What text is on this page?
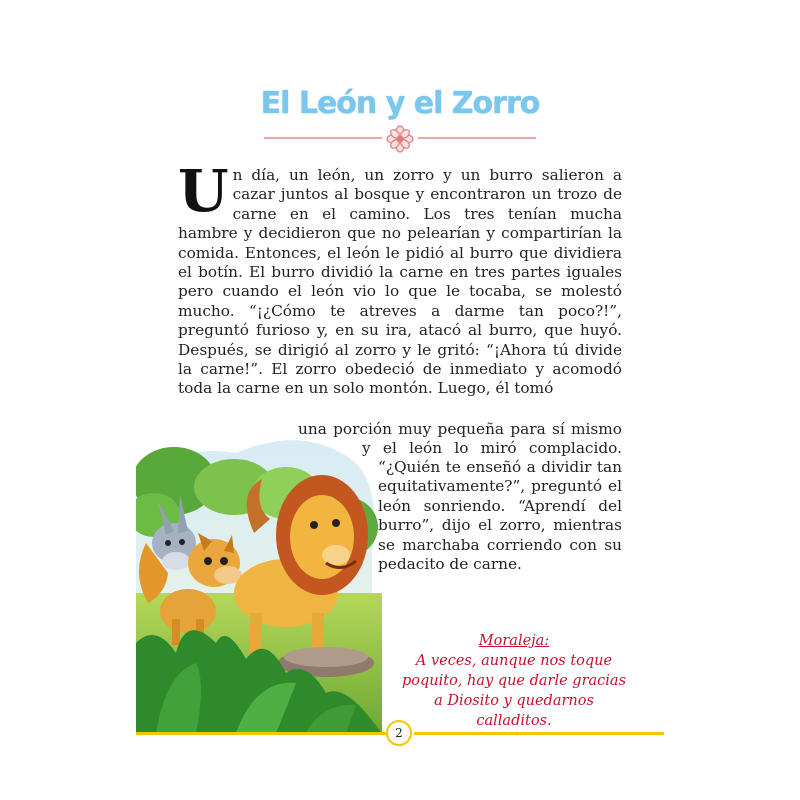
El León y el Zorro
Un día, un león, un zorro y un burro salieron a cazar juntos al bosque y encontraron un trozo de carne en el camino. Los tres tenían mucha hambre y decidieron que no pelearían y compartirían la comida. Entonces, el león le pidió al burro que dividiera el botín. El burro dividió la carne en tres partes iguales pero cuando el león vio lo que le tocaba, se molestó mucho. “¡¿Cómo te atreves a darme tan poco?!”, preguntó furioso y, en su ira, atacó al burro, que huyó. Después, se dirigió al zorro y le gritó: “¡Ahora tú divide la carne!”. El zorro obedeció de inmediato y acomodó toda la carne en un solo montón. Luego, él tomó

una porción muy pequeña para sí mismo

y el león lo miró complacido.

“¿Quién te enseñó a dividir tan equitativamente?”, preguntó el león sonriendo. “Aprendí del burro”, dijo el zorro, mientras se marchaba corriendo con su pedacito de carne.

Moraleja:
A veces, aunque nos toque poquito, hay que darle gracias a Diosito y quedarnos calladitos.
2
